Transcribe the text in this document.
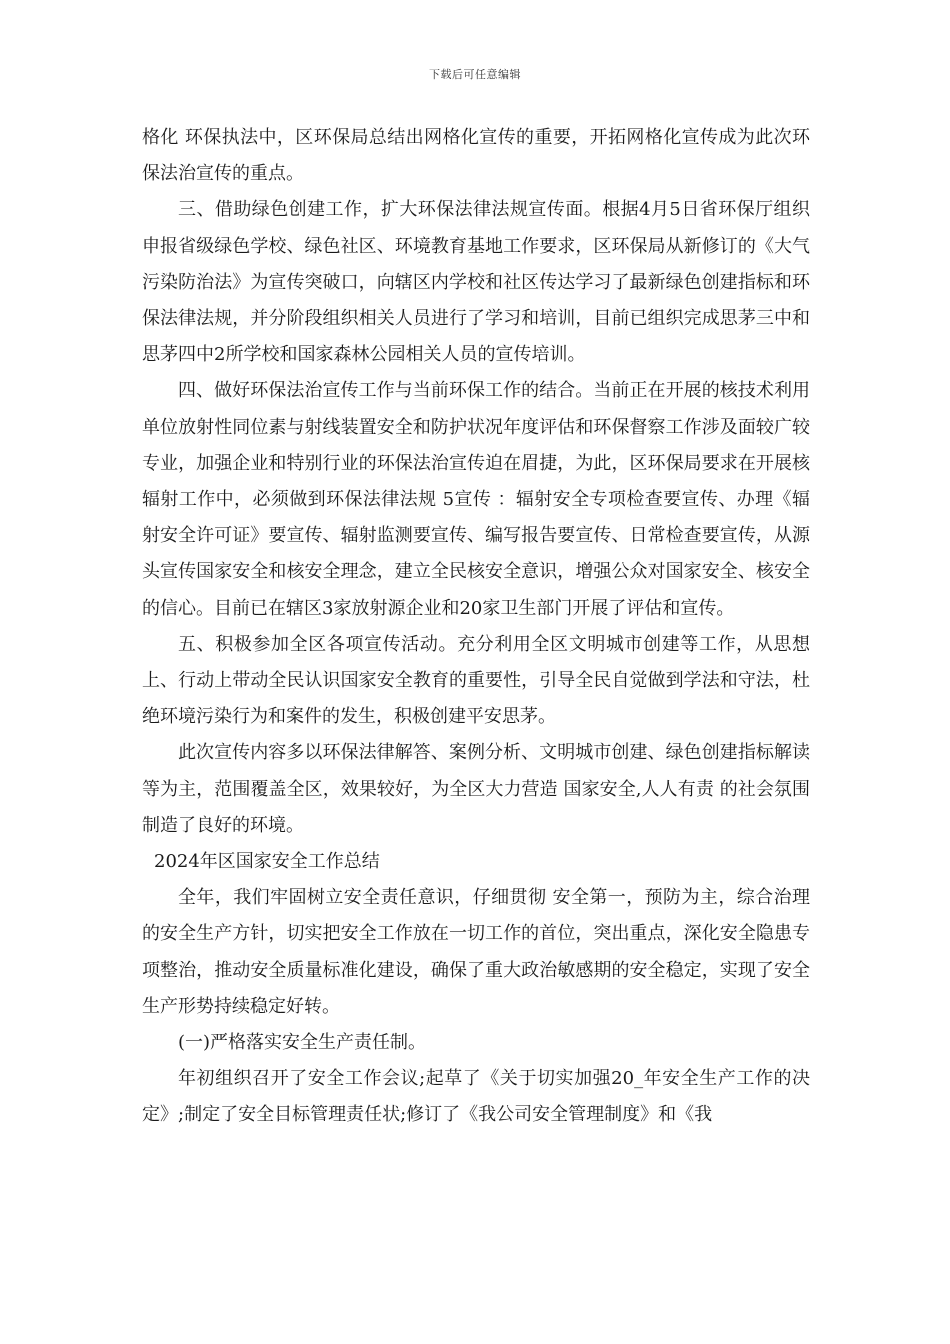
下载后可任意编辑

格化 环保执法中，区环保局总结出网格化宣传的重要，开拓网格化宣传成为此次环保法治宣传的重点。

三、借助绿色创建工作，扩大环保法律法规宣传面。根据4月5日省环保厅组织申报省级绿色学校、绿色社区、环境教育基地工作要求，区环保局从新修订的《大气污染防治法》为宣传突破口，向辖区内学校和社区传达学习了最新绿色创建指标和环保法律法规，并分阶段组织相关人员进行了学习和培训，目前已组织完成思茅三中和思茅四中2所学校和国家森林公园相关人员的宣传培训。

四、做好环保法治宣传工作与当前环保工作的结合。当前正在开展的核技术利用单位放射性同位素与射线装置安全和防护状况年度评估和环保督察工作涉及面较广较专业，加强企业和特别行业的环保法治宣传迫在眉捷，为此，区环保局要求在开展核辐射工作中，必须做到环保法律法规 5宣传 ：辐射安全专项检查要宣传、办理《辐射安全许可证》要宣传、辐射监测要宣传、编写报告要宣传、日常检查要宣传，从源头宣传国家安全和核安全理念，建立全民核安全意识，增强公众对国家安全、核安全的信心。目前已在辖区3家放射源企业和20家卫生部门开展了评估和宣传。

五、积极参加全区各项宣传活动。充分利用全区文明城市创建等工作，从思想上、行动上带动全民认识国家安全教育的重要性，引导全民自觉做到学法和守法，杜绝环境污染行为和案件的发生，积极创建平安思茅。

此次宣传内容多以环保法律解答、案例分析、文明城市创建、绿色创建指标解读等为主，范围覆盖全区，效果较好，为全区大力营造 国家安全,人人有责 的社会氛围制造了良好的环境。

2024年区国家安全工作总结

全年，我们牢固树立安全责任意识，仔细贯彻 安全第一，预防为主，综合治理 的安全生产方针，切实把安全工作放在一切工作的首位，突出重点，深化安全隐患专项整治，推动安全质量标准化建设，确保了重大政治敏感期的安全稳定，实现了安全生产形势持续稳定好转。

(一)严格落实安全生产责任制。

年初组织召开了安全工作会议;起草了《关于切实加强20_年安全生产工作的决定》;制定了安全目标管理责任状;修订了《我公司安全管理制度》和《我
